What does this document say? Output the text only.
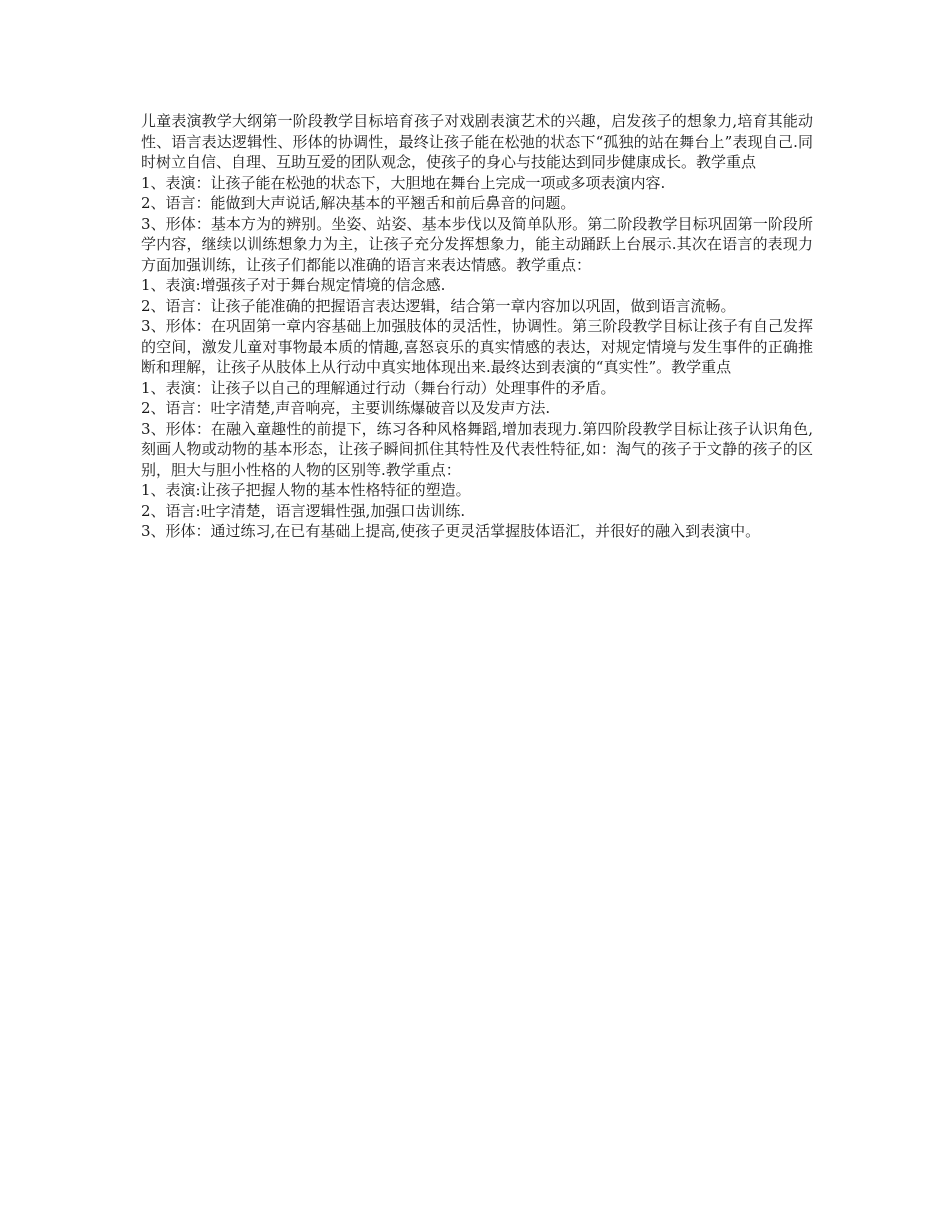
儿童表演教学大纲第一阶段教学目标培育孩子对戏剧表演艺术的兴趣，启发孩子的想象力,培育其能动性、语言表达逻辑性、形体的协调性，最终让孩子能在松弛的状态下“孤独的站在舞台上”表现自己.同时树立自信、自理、互助互爱的团队观念，使孩子的身心与技能达到同步健康成长。教学重点

1、表演：让孩子能在松弛的状态下，大胆地在舞台上完成一项或多项表演内容.

2、语言：能做到大声说话,解决基本的平翘舌和前后鼻音的问题。

3、形体：基本方为的辨别。坐姿、站姿、基本步伐以及简单队形。第二阶段教学目标巩固第一阶段所学内容，继续以训练想象力为主，让孩子充分发挥想象力，能主动踊跃上台展示.其次在语言的表现力方面加强训练，让孩子们都能以准确的语言来表达情感。教学重点：

1、表演:增强孩子对于舞台规定情境的信念感.

2、语言：让孩子能准确的把握语言表达逻辑，结合第一章内容加以巩固，做到语言流畅。

3、形体：在巩固第一章内容基础上加强肢体的灵活性，协调性。第三阶段教学目标让孩子有自己发挥的空间，激发儿童对事物最本质的情趣,喜怒哀乐的真实情感的表达，对规定情境与发生事件的正确推断和理解，让孩子从肢体上从行动中真实地体现出来.最终达到表演的“真实性”。教学重点

1、表演：让孩子以自己的理解通过行动（舞台行动）处理事件的矛盾。

2、语言：吐字清楚,声音响亮，主要训练爆破音以及发声方法.

3、形体：在融入童趣性的前提下，练习各种风格舞蹈,增加表现力.第四阶段教学目标让孩子认识角色,刻画人物或动物的基本形态，让孩子瞬间抓住其特性及代表性特征,如：淘气的孩子于文静的孩子的区别，胆大与胆小性格的人物的区别等.教学重点：

1、表演:让孩子把握人物的基本性格特征的塑造。

2、语言:吐字清楚，语言逻辑性强,加强口齿训练.

3、形体：通过练习,在已有基础上提高,使孩子更灵活掌握肢体语汇，并很好的融入到表演中。
